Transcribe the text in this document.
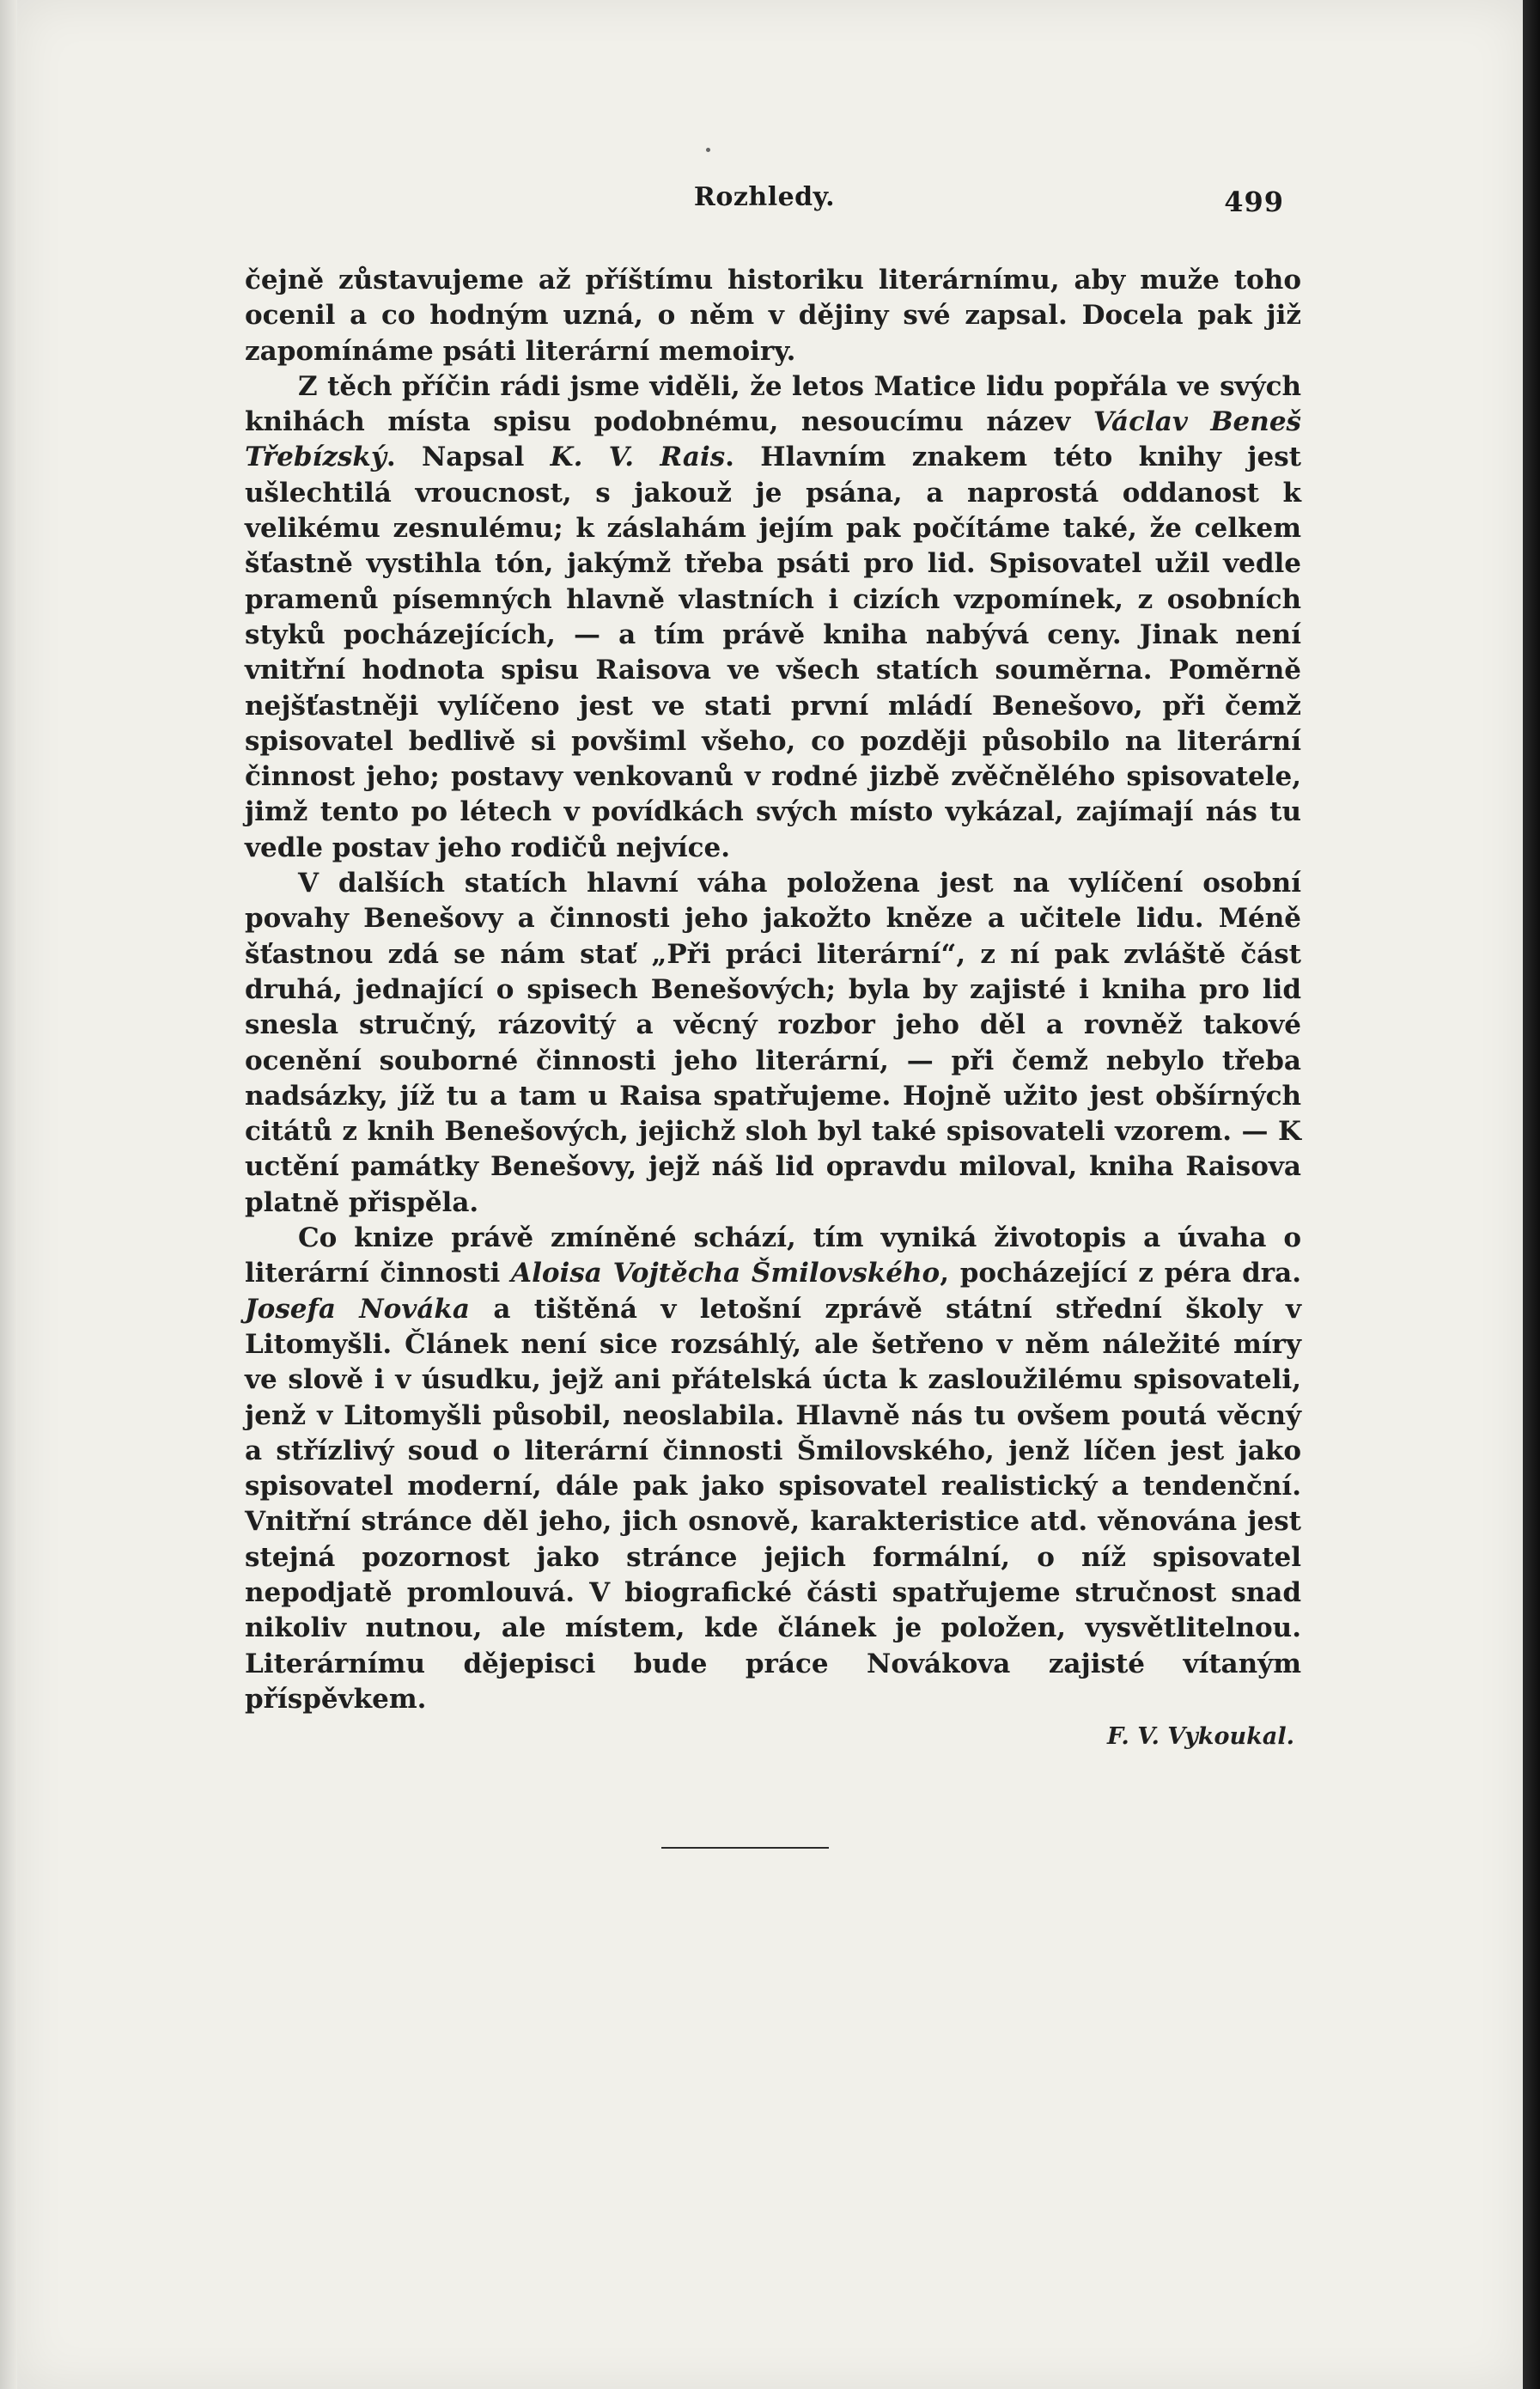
Rozhledy.	499

čejně zůstavujeme až příštímu historiku literárnímu, aby muže toho ocenil a co hodným uzná, o něm v dějiny své zapsal. Docela pak již zapomínáme psáti literární memoiry.

Z těch příčin rádi jsme viděli, že letos Matice lidu popřála ve svých knihách místa spisu podobnému, nesoucímu název Václav Beneš Třebízský. Napsal K. V. Rais. Hlavním znakem této knihy jest ušlechtilá vroucnost, s jakouž je psána, a naprostá oddanost k velikému zesnulému; k záslahám jejím pak počítáme také, že celkem šťastně vystihla tón, jakýmž třeba psáti pro lid. Spisovatel užil vedle pramenů písemných hlavně vlastních i cizích vzpomínek, z osobních styků pocházejících, — a tím právě kniha nabývá ceny. Jinak není vnitřní hodnota spisu Raisova ve všech statích souměrna. Poměrně nejšťastněji vylíčeno jest ve stati první mládí Benešovo, při čemž spisovatel bedlivě si povšiml všeho, co později působilo na literární činnost jeho; postavy venkovanů v rodné jizbě zvěčnělého spisovatele, jimž tento po létech v povídkách svých místo vykázal, zajímají nás tu vedle postav jeho rodičů nejvíce.

V dalších statích hlavní váha položena jest na vylíčení osobní povahy Benešovy a činnosti jeho jakožto kněze a učitele lidu. Méně šťastnou zdá se nám stať „Při práci literární“, z ní pak zvláště část druhá, jednající o spisech Benešových; byla by zajisté i kniha pro lid snesla stručný, rázovitý a věcný rozbor jeho děl a rovněž takové ocenění souborné činnosti jeho literární, — při čemž nebylo třeba nadsázky, jíž tu a tam u Raisa spatřujeme. Hojně užito jest obšírných citátů z knih Benešových, jejichž sloh byl také spisovateli vzorem. — K uctění památky Benešovy, jejž náš lid opravdu miloval, kniha Raisova platně přispěla.

Co knize právě zmíněné schází, tím vyniká životopis a úvaha o literární činnosti Aloisa Vojtěcha Šmilovského, pocházející z péra dra. Josefa Nováka a tištěná v letošní zprávě státní střední školy v Litomyšli. Článek není sice rozsáhlý, ale šetřeno v něm náležité míry ve slově i v úsudku, jejž ani přátelská úcta k zasloužilému spisovateli, jenž v Litomyšli působil, neoslabila. Hlavně nás tu ovšem poutá věcný a střízlivý soud o literární činnosti Šmilovského, jenž líčen jest jako spisovatel moderní, dále pak jako spisovatel realistický a tendenční. Vnitřní stránce děl jeho, jich osnově, karakteristice atd. věnována jest stejná pozornost jako stránce jejich formální, o níž spisovatel nepodjatě promlouvá. V biografické části spatřujeme stručnost snad nikoliv nutnou, ale místem, kde článek je položen, vysvětlitelnou. Literárnímu dějepisci bude práce Novákova zajisté vítaným příspěvkem.

F. V. Vykoukal.
